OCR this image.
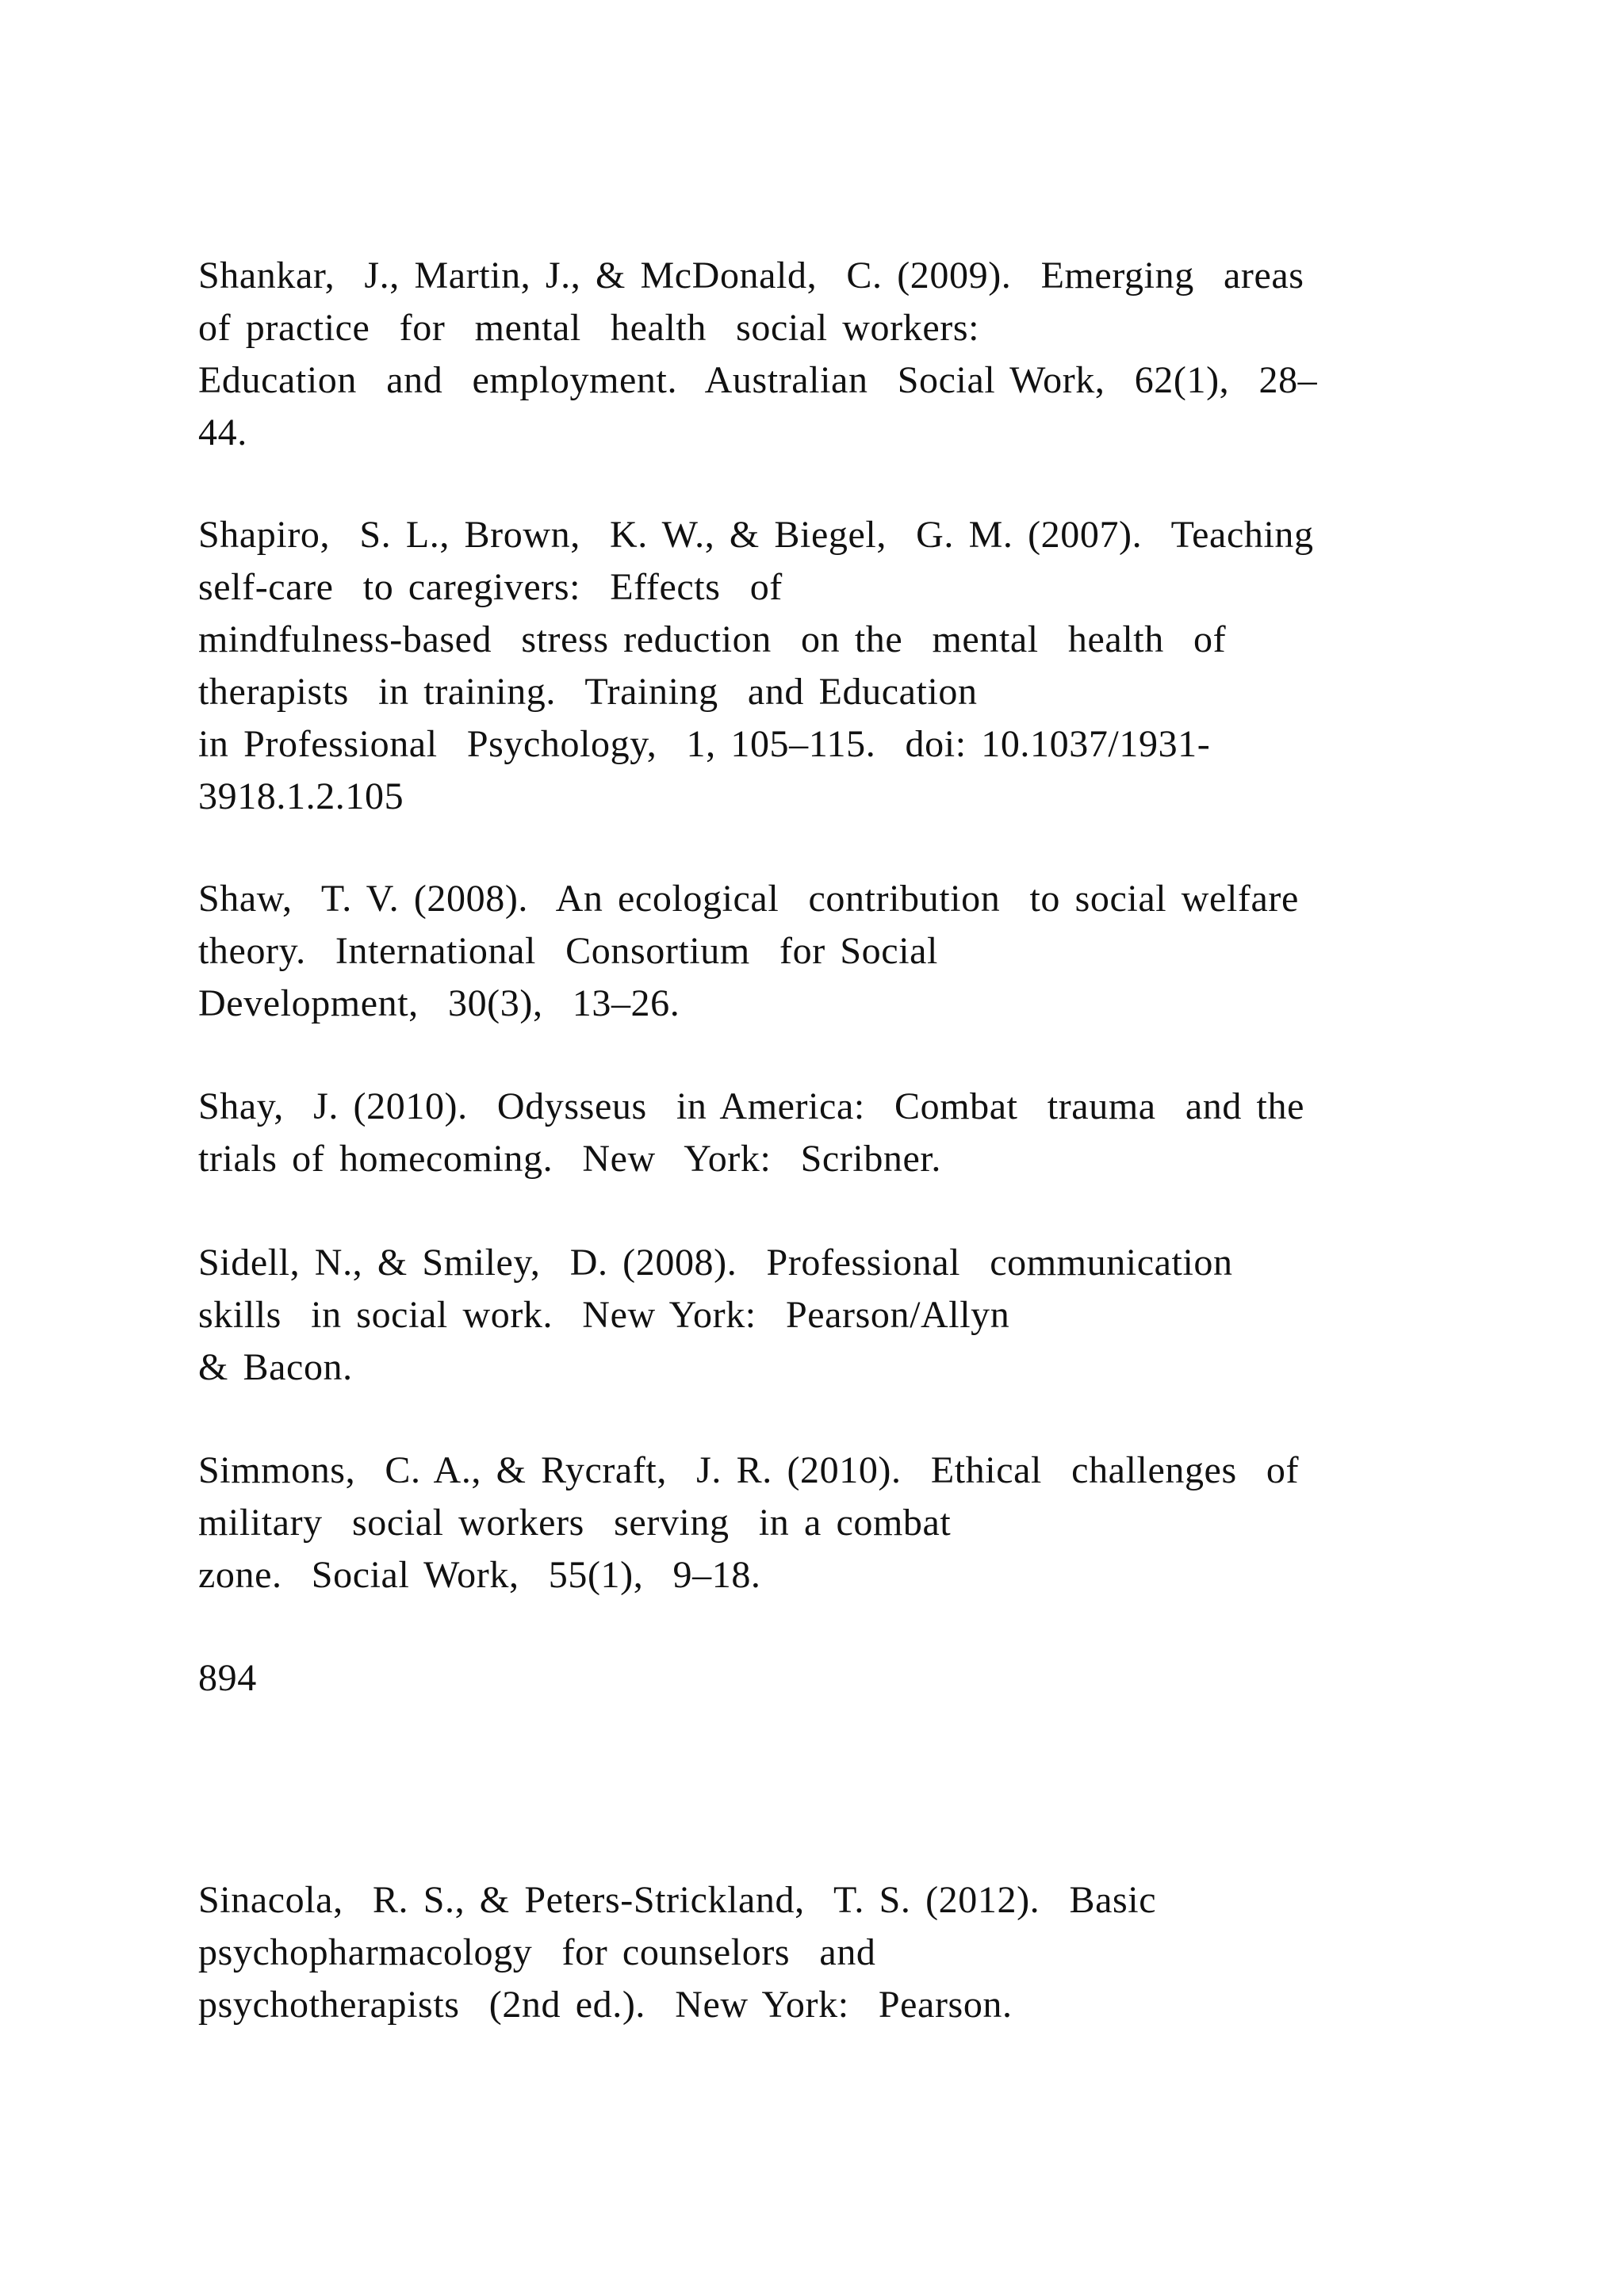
Shankar,  J., Martin, J., & McDonald,  C. (2009).  Emerging  areas

of practice  for  mental  health  social workers:

Education  and  employment.  Australian  Social Work,  62(1),  28–

44.

Shapiro,  S. L., Brown,  K. W., & Biegel,  G. M. (2007).  Teaching

self-care  to caregivers:  Effects  of

mindfulness-based  stress reduction  on the  mental  health  of

therapists  in training.  Training  and Education

in Professional  Psychology,  1, 105–115.  doi: 10.1037/1931-

3918.1.2.105

Shaw,  T. V. (2008).  An ecological  contribution  to social welfare

theory.  International  Consortium  for Social

Development,  30(3),  13–26.

Shay,  J. (2010).  Odysseus  in America:  Combat  trauma  and the

trials of homecoming.  New  York:  Scribner.

Sidell, N., & Smiley,  D. (2008).  Professional  communication

skills  in social work.  New York:  Pearson/Allyn

& Bacon.

Simmons,  C. A., & Rycraft,  J. R. (2010).  Ethical  challenges  of

military  social workers  serving  in a combat

zone.  Social Work,  55(1),  9–18.

894

Sinacola,  R. S., & Peters-Strickland,  T. S. (2012).  Basic

psychopharmacology  for counselors  and

psychotherapists  (2nd ed.).  New York:  Pearson.
